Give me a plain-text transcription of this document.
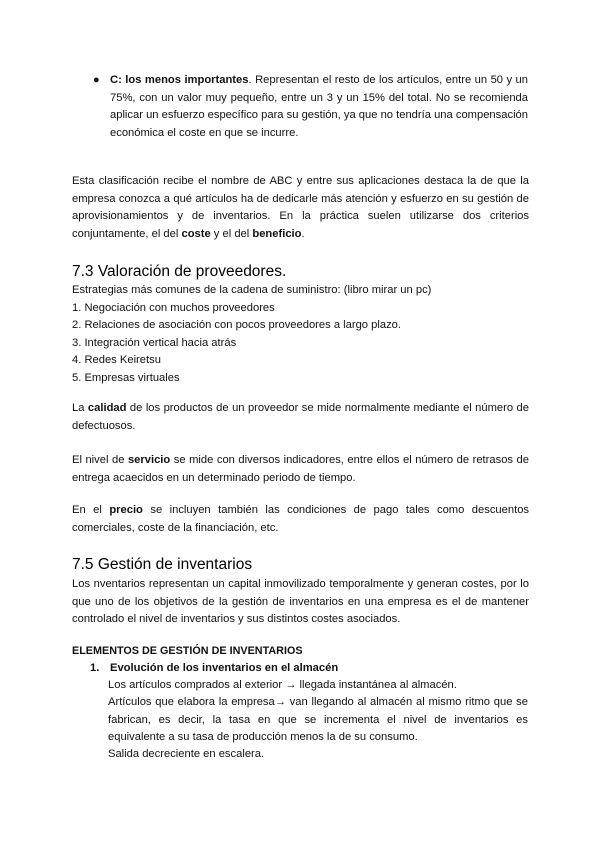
● C: los menos importantes. Representan el resto de los artículos, entre un 50 y un 75%, con un valor muy pequeño, entre un 3 y un 15% del total. No se recomienda aplicar un esfuerzo específico para su gestión, ya que no tendría una compensación económica el coste en que se incurre.
Esta clasificación recibe el nombre de ABC y entre sus aplicaciones destaca la de que la empresa conozca a qué artículos ha de dedicarle más atención y esfuerzo en su gestión de aprovisionamientos y de inventarios. En la práctica suelen utilizarse dos criterios conjuntamente, el del coste y el del beneficio.
7.3 Valoración de proveedores.
Estrategias más comunes de la cadena de suministro: (libro mirar un pc)
1. Negociación con muchos proveedores
2. Relaciones de asociación con pocos proveedores a largo plazo.
3. Integración vertical hacia atrás
4. Redes Keiretsu
5. Empresas virtuales
La calidad de los productos de un proveedor se mide normalmente mediante el número de defectuosos.
El nivel de servicio se mide con diversos indicadores, entre ellos el número de retrasos de entrega acaecidos en un determinado periodo de tiempo.
En el precio se incluyen también las condiciones de pago tales como descuentos comerciales, coste de la financiación, etc.
7.5 Gestión de inventarios
Los nventarios representan un capital inmovilizado temporalmente y generan costes, por lo que uno de los objetivos de la gestión de inventarios en una empresa es el de mantener controlado el nivel de inventarios y sus distintos costes asociados.
ELEMENTOS DE GESTIÓN DE INVENTARIOS
1. Evolución de los inventarios en el almacén
Los artículos comprados al exterior → llegada instantánea al almacén.
Artículos que elabora la empresa→ van llegando al almacén al mismo ritmo que se fabrican, es decir, la tasa en que se incrementa el nivel de inventarios es equivalente a su tasa de producción menos la de su consumo.
Salida decreciente en escalera.
